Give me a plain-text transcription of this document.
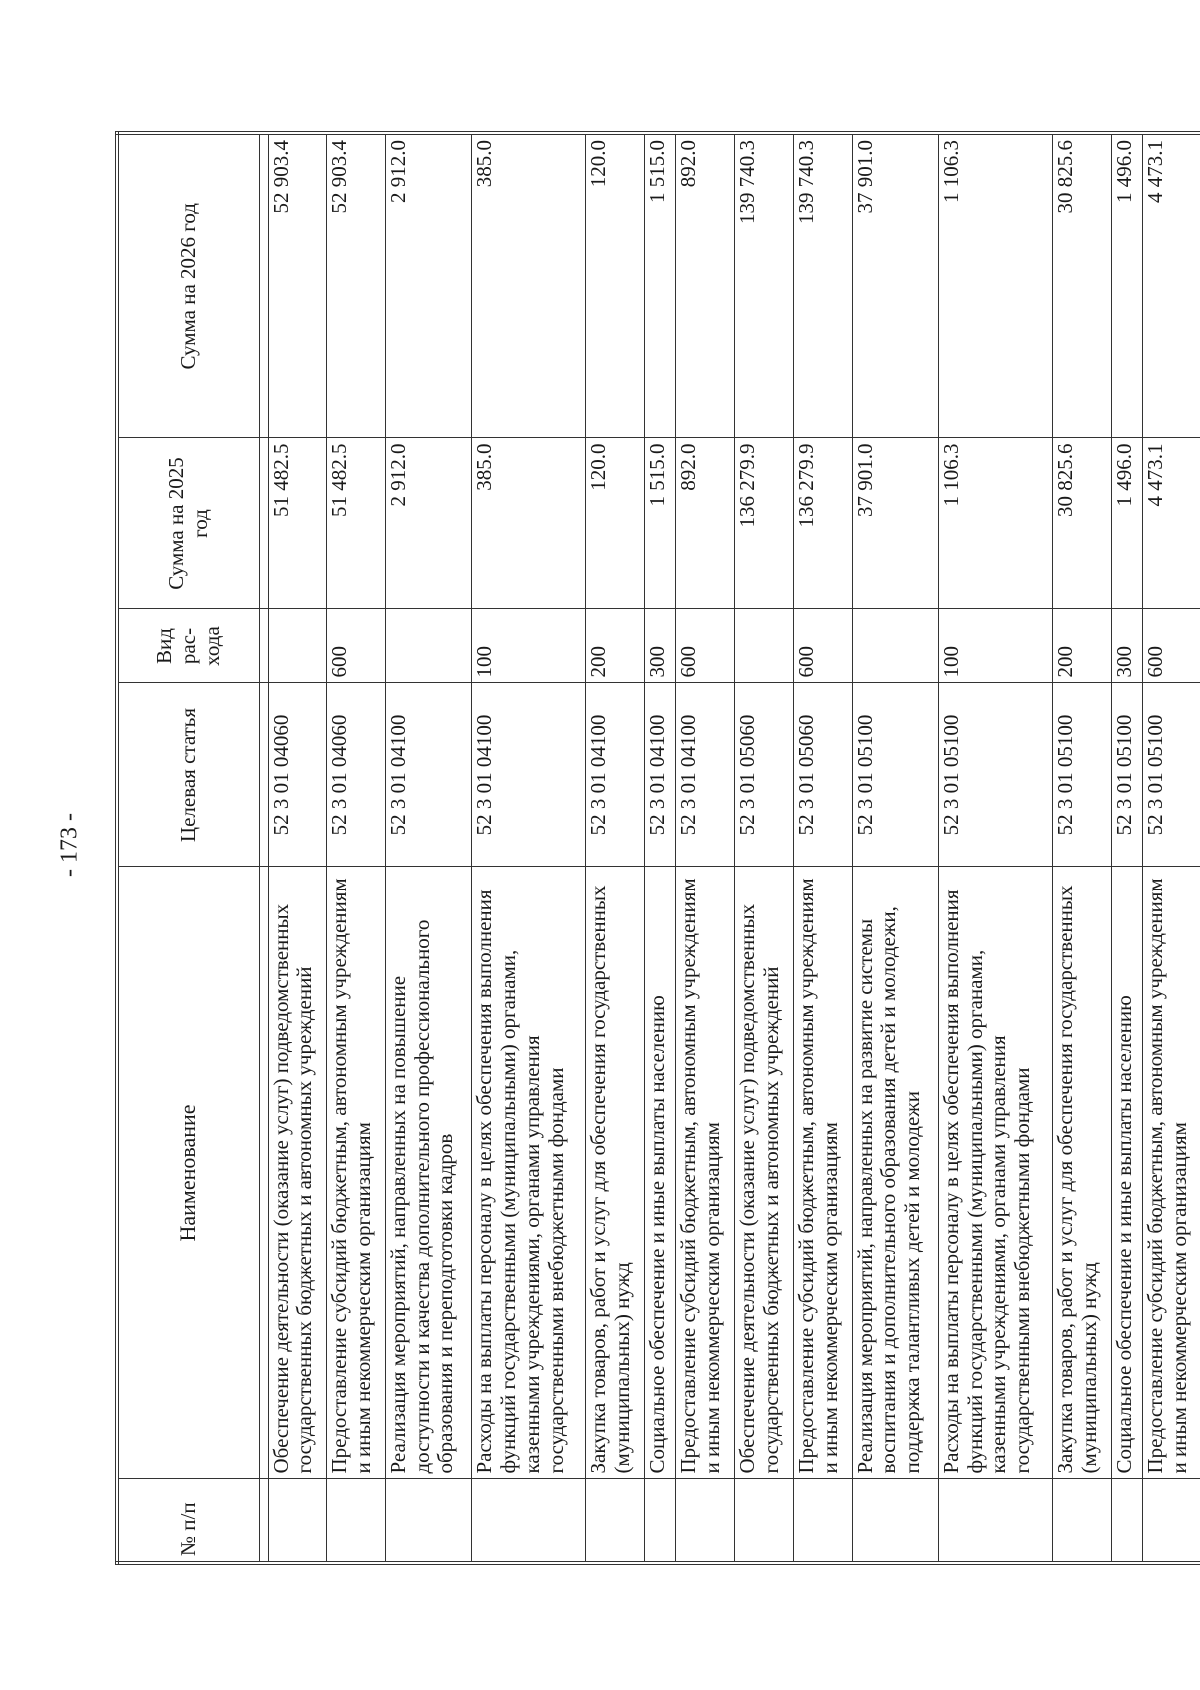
- 173 -
№ п/п	Наименование	Целевая статья	Вид рас-хода	Сумма на 2025 год	Сумма на 2026 год

	Обеспечение деятельности (оказание услуг) подведомственных государственных бюджетных и автономных учреждений	52 3 01 04060		51 482.5	52 903.4
	Предоставление субсидий бюджетным, автономным учреждениям и иным некоммерческим организациям	52 3 01 04060	600	51 482.5	52 903.4
	Реализация мероприятий, направленных на повышение доступности и качества дополнительного профессионального образования и переподготовки кадров	52 3 01 04100		2 912.0	2 912.0
	Расходы на выплаты персоналу в целях обеспечения выполнения функций государственными (муниципальными) органами, казенными учреждениями, органами управления государственными внебюджетными фондами	52 3 01 04100	100	385.0	385.0
	Закупка товаров, работ и услуг для обеспечения государственных (муниципальных) нужд	52 3 01 04100	200	120.0	120.0
	Социальное обеспечение и иные выплаты населению	52 3 01 04100	300	1 515.0	1 515.0
	Предоставление субсидий бюджетным, автономным учреждениям и иным некоммерческим организациям	52 3 01 04100	600	892.0	892.0
	Обеспечение деятельности (оказание услуг) подведомственных государственных бюджетных и автономных учреждений	52 3 01 05060		136 279.9	139 740.3
	Предоставление субсидий бюджетным, автономным учреждениям и иным некоммерческим организациям	52 3 01 05060	600	136 279.9	139 740.3
	Реализация мероприятий, направленных на развитие системы воспитания и дополнительного образования детей и молодежи, поддержка талантливых детей и молодежи	52 3 01 05100		37 901.0	37 901.0
	Расходы на выплаты персоналу в целях обеспечения выполнения функций государственными (муниципальными) органами, казенными учреждениями, органами управления государственными внебюджетными фондами	52 3 01 05100	100	1 106.3	1 106.3
	Закупка товаров, работ и услуг для обеспечения государственных (муниципальных) нужд	52 3 01 05100	200	30 825.6	30 825.6
	Социальное обеспечение и иные выплаты населению	52 3 01 05100	300	1 496.0	1 496.0
	Предоставление субсидий бюджетным, автономным учреждениям и иным некоммерческим организациям	52 3 01 05100	600	4 473.1	4 473.1
